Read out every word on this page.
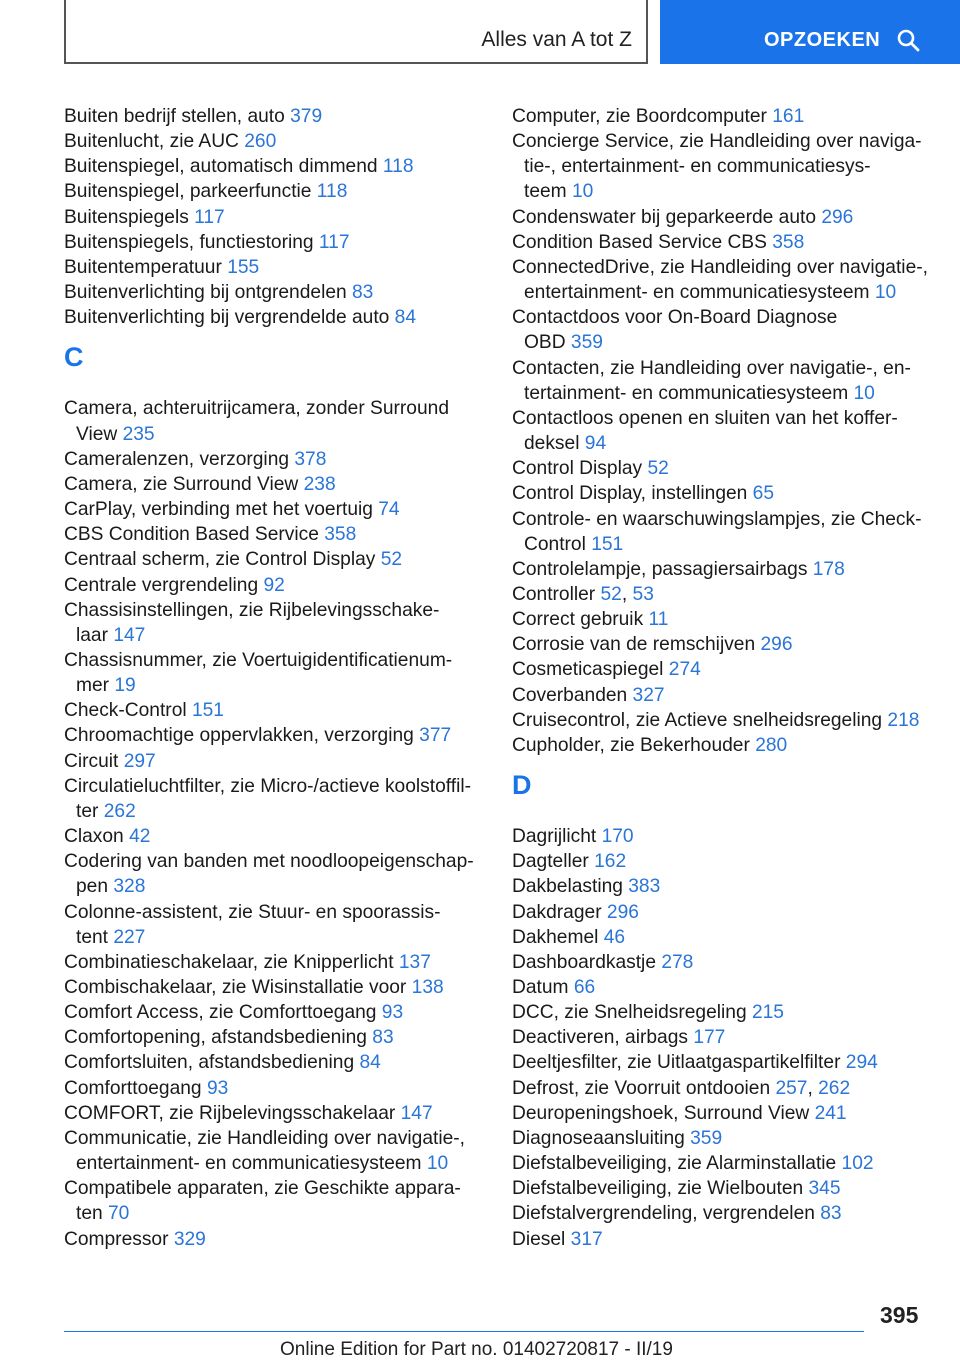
Alles van A tot Z	OPZOEKEN
Buiten bedrijf stellen, auto 379
Buitenlucht, zie AUC 260
Buitenspiegel, automatisch dimmend 118
Buitenspiegel, parkeerfunctie 118
Buitenspiegels 117
Buitenspiegels, functiestoring 117
Buitentemperatuur 155
Buitenverlichting bij ontgrendelen 83
Buitenverlichting bij vergrendelde auto 84
C
Camera, achteruitrijcamera, zonder Surround
View 235
Cameralenzen, verzorging 378
Camera, zie Surround View 238
CarPlay, verbinding met het voertuig 74
CBS Condition Based Service 358
Centraal scherm, zie Control Display 52
Centrale vergrendeling 92
Chassisinstellingen, zie Rijbelevingsschake‐
laar 147
Chassisnummer, zie Voertuigidentificatienum‐
mer 19
Check-Control 151
Chroomachtige oppervlakken, verzorging 377
Circuit 297
Circulatieluchtfilter, zie Micro-/actieve koolstoffil‐
ter 262
Claxon 42
Codering van banden met noodloopeigenschap‐
pen 328
Colonne-assistent, zie Stuur- en spoorassis‐
tent 227
Combinatieschakelaar, zie Knipperlicht 137
Combischakelaar, zie Wisinstallatie voor 138
Comfort Access, zie Comforttoegang 93
Comfortopening, afstandsbediening 83
Comfortsluiten, afstandsbediening 84
Comforttoegang 93
COMFORT, zie Rijbelevingsschakelaar 147
Communicatie, zie Handleiding over navigatie-,
entertainment- en communicatiesysteem 10
Compatibele apparaten, zie Geschikte appara‐
ten 70
Compressor 329
Computer, zie Boordcomputer 161
Concierge Service, zie Handleiding over naviga‐
tie-, entertainment- en communicatiesys‐
teem 10
Condenswater bij geparkeerde auto 296
Condition Based Service CBS 358
ConnectedDrive, zie Handleiding over navigatie-,
entertainment- en communicatiesysteem 10
Contactdoos voor On-Board Diagnose
OBD 359
Contacten, zie Handleiding over navigatie-, en‐
tertainment- en communicatiesysteem 10
Contactloos openen en sluiten van het koffer‐
deksel 94
Control Display 52
Control Display, instellingen 65
Controle- en waarschuwingslampjes, zie Check-
Control 151
Controlelampje, passagiersairbags 178
Controller 52, 53
Correct gebruik 11
Corrosie van de remschijven 296
Cosmeticaspiegel 274
Coverbanden 327
Cruisecontrol, zie Actieve snelheidsregeling 218
Cupholder, zie Bekerhouder 280
D
Dagrijlicht 170
Dagteller 162
Dakbelasting 383
Dakdrager 296
Dakhemel 46
Dashboardkastje 278
Datum 66
DCC, zie Snelheidsregeling 215
Deactiveren, airbags 177
Deeltjesfilter, zie Uitlaatgaspartikelfilter 294
Defrost, zie Voorruit ontdooien 257, 262
Deuropeningshoek, Surround View 241
Diagnoseaansluiting 359
Diefstalbeveiliging, zie Alarminstallatie 102
Diefstalbeveiliging, zie Wielbouten 345
Diefstalvergrendeling, vergrendelen 83
Diesel 317
395
Online Edition for Part no. 01402720817 - II/19
